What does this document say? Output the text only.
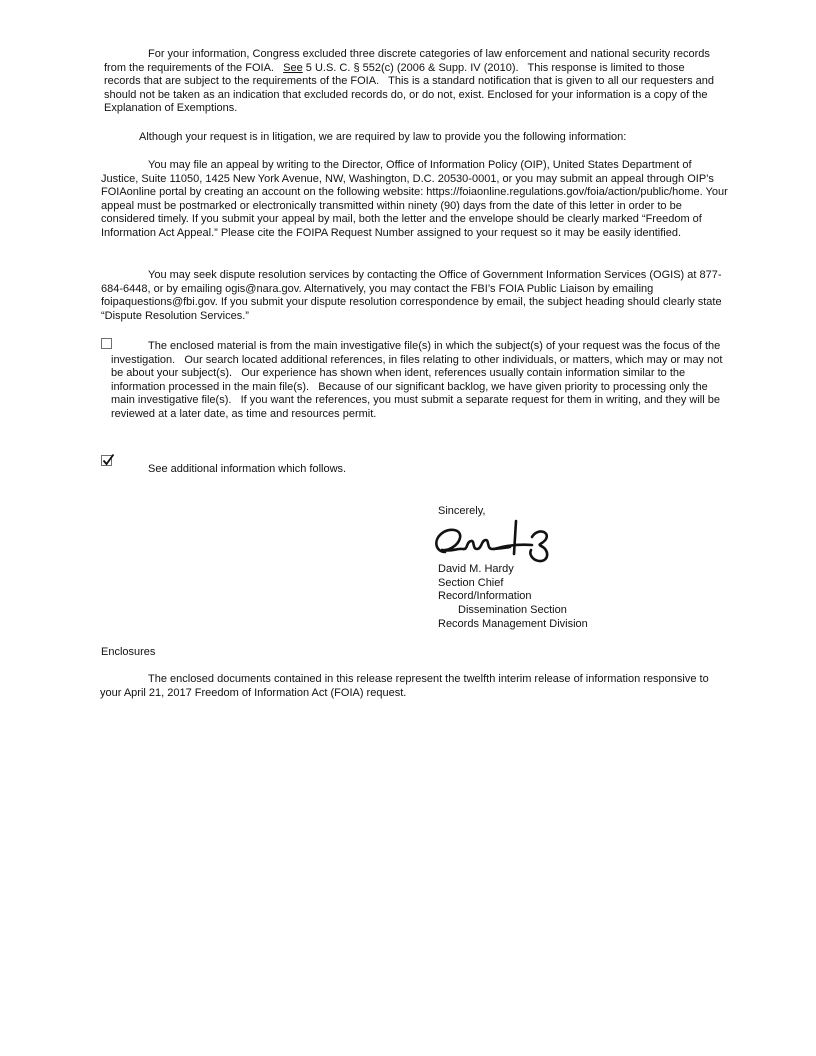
For your information, Congress excluded three discrete categories of law enforcement and national security records from the requirements of the FOIA.   See 5 U.S. C. § 552(c) (2006 & Supp. IV (2010).   This response is limited to those records that are subject to the requirements of the FOIA.   This is a standard notification that is given to all our requesters and should not be taken as an indication that excluded records do, or do not, exist. Enclosed for your information is a copy of the Explanation of Exemptions.
Although your request is in litigation, we are required by law to provide you the following information:
You may file an appeal by writing to the Director, Office of Information Policy (OIP), United States Department of Justice, Suite 11050, 1425 New York Avenue, NW, Washington, D.C. 20530-0001, or you may submit an appeal through OIP’s FOIAonline portal by creating an account on the following website: https://foiaonline.regulations.gov/foia/action/public/home. Your appeal must be postmarked or electronically transmitted within ninety (90) days from the date of this letter in order to be considered timely. If you submit your appeal by mail, both the letter and the envelope should be clearly marked “Freedom of Information Act Appeal.” Please cite the FOIPA Request Number assigned to your request so it may be easily identified.
You may seek dispute resolution services by contacting the Office of Government Information Services (OGIS) at 877-684-6448, or by emailing ogis@nara.gov. Alternatively, you may contact the FBI’s FOIA Public Liaison by emailing foipaquestions@fbi.gov. If you submit your dispute resolution correspondence by email, the subject heading should clearly state “Dispute Resolution Services.”
The enclosed material is from the main investigative file(s) in which the subject(s) of your request was the focus of the investigation.   Our search located additional references, in files relating to other individuals, or matters, which may or may not be about your subject(s).   Our experience has shown when ident, references usually contain information similar to the information processed in the main file(s).   Because of our significant backlog, we have given priority to processing only the main investigative file(s).   If you want the references, you must submit a separate request for them in writing, and they will be reviewed at a later date, as time and resources permit.
See additional information which follows.
Sincerely,
David M. Hardy
Section Chief
Record/Information
Dissemination Section
Records Management Division
Enclosures
The enclosed documents contained in this release represent the twelfth interim release of information responsive to your April 21, 2017 Freedom of Information Act (FOIA) request.
